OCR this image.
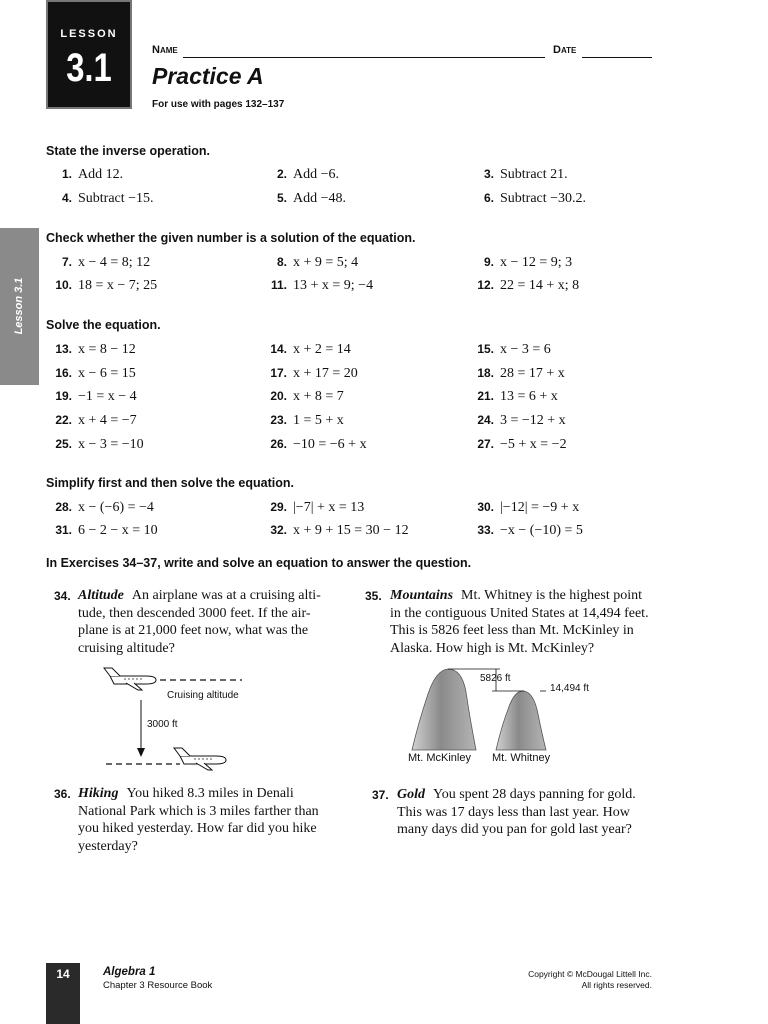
LESSON
3.1	Name	Date
Practice A
For use with pages 132–137
Lesson 3.1
State the inverse operation.
1. Add 12.	2. Add −6.	3. Subtract 21.
4. Subtract −15.	5. Add −48.	6. Subtract −30.2.
Check whether the given number is a solution of the equation.
7. x − 4 = 8; 12	8. x + 9 = 5; 4	9. x − 12 = 9; 3
10. 18 = x − 7; 25	11. 13 + x = 9; −4	12. 22 = 14 + x; 8
Solve the equation.
13. x = 8 − 12	14. x + 2 = 14	15. x − 3 = 6
16. x − 6 = 15	17. x + 17 = 20	18. 28 = 17 + x
19. −1 = x − 4	20. x + 8 = 7	21. 13 = 6 + x
22. x + 4 = −7	23. 1 = 5 + x	24. 3 = −12 + x
25. x − 3 = −10	26. −10 = −6 + x	27. −5 + x = −2
Simplify first and then solve the equation.
28. x − (−6) = −4	29. |−7| + x = 13	30. |−12| = −9 + x
31. 6 − 2 − x = 10	32. x + 9 + 15 = 30 − 12	33. −x − (−10) = 5
In Exercises 34–37, write and solve an equation to answer the question.
34. Altitude An airplane was at a cruising alti-
tude, then descended 3000 feet. If the air-
plane is at 21,000 feet now, what was the
cruising altitude?
35. Mountains Mt. Whitney is the highest point
in the contiguous United States at 14,494 feet.
This is 5826 feet less than Mt. McKinley in
Alaska. How high is Mt. McKinley?
Cruising altitude
3000 ft
5826 ft
14,494 ft
Mt. McKinley Mt. Whitney
36. Hiking You hiked 8.3 miles in Denali
National Park which is 3 miles farther than
you hiked yesterday. How far did you hike
yesterday?
37. Gold You spent 28 days panning for gold.
This was 17 days less than last year. How
many days did you pan for gold last year?
14	Algebra 1
Chapter 3 Resource Book
Copyright © McDougal Littell Inc.
All rights reserved.
